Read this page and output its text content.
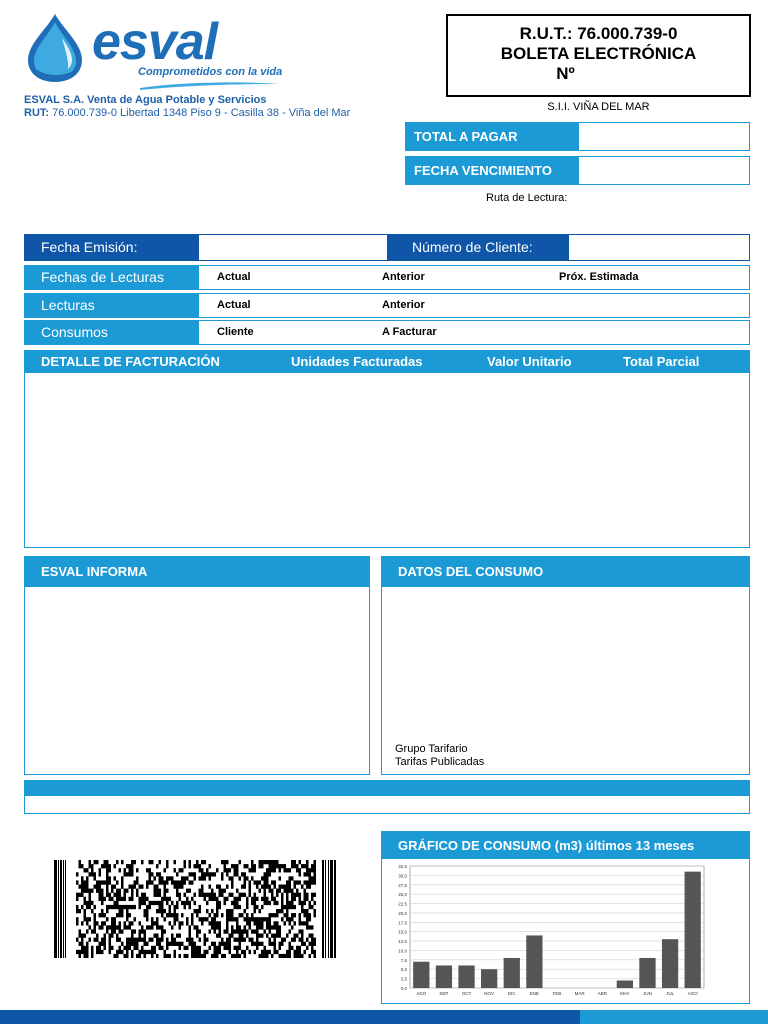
esval
Comprometidos con la vida
ESVAL S.A. Venta de Agua Potable y Servicios
RUT: 76.000.739-0 Libertad 1348 Piso 9 - Casilla 38 - Viña del Mar
R.U.T.: 76.000.739-0
BOLETA ELECTRÓNICA
Nº
S.I.I. VIÑA DEL MAR
TOTAL A PAGAR
FECHA VENCIMIENTO
Ruta de Lectura:
Fecha Emisión:	Número de Cliente:
Fechas de Lecturas	Actual	Anterior	Próx. Estimada
Lecturas	Actual	Anterior
Consumos	Cliente	A Facturar
DETALLE DE FACTURACIÓN	Unidades Facturadas	Valor Unitario	Total Parcial
ESVAL INFORMA	DATOS DEL CONSUMO
Grupo Tarifario
Tarifas Publicadas
GRÁFICO DE CONSUMO (m3) últimos 13 meses
0,0
2,5
5,0
7,5
10,0
12,5
15,0
17,5
20,0
22,5
25,0
27,5
30,0
32,5
AGO	SEP	OCT	NOV	DIC	ENE	FEB	MAR	ABR	MAY	JUN	JUL	AGO
